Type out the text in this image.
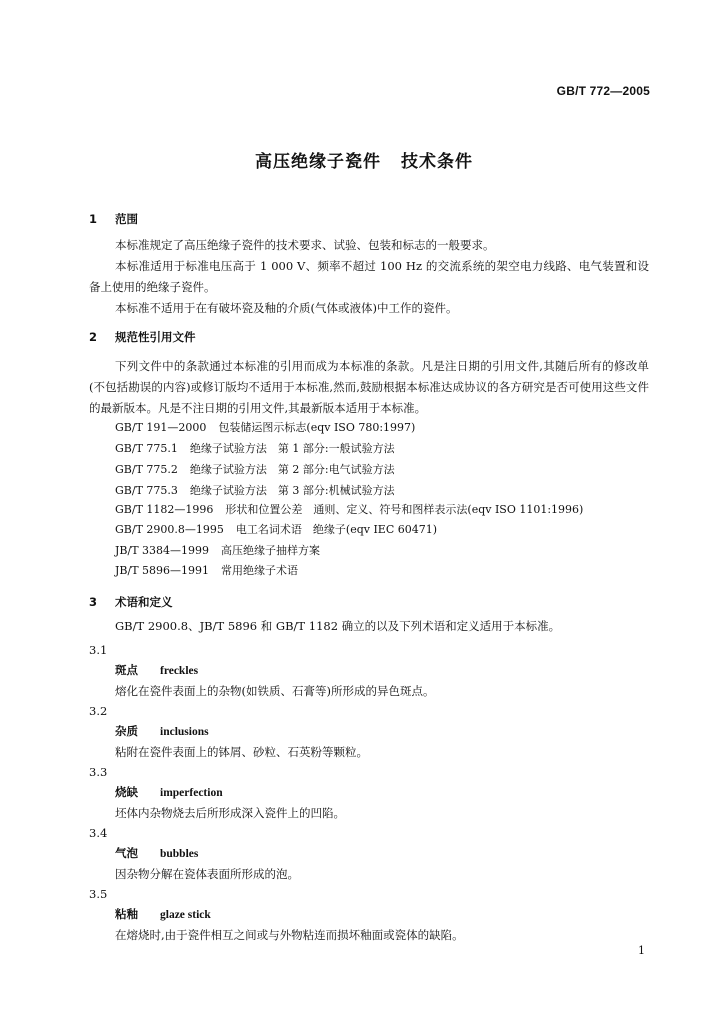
GB/T 772—2005
高压绝缘子瓷件 技术条件
1 范围
本标准规定了高压绝缘子瓷件的技术要求、试验、包装和标志的一般要求。
本标准适用于标准电压高于 1 000 V、频率不超过 100 Hz 的交流系统的架空电力线路、电气装置和设备上使用的绝缘子瓷件。
本标准不适用于在有破坏瓷及釉的介质(气体或液体)中工作的瓷件。
2 规范性引用文件
下列文件中的条款通过本标准的引用而成为本标准的条款。凡是注日期的引用文件,其随后所有的修改单(不包括勘误的内容)或修订版均不适用于本标准,然而,鼓励根据本标准达成协议的各方研究是否可使用这些文件的最新版本。凡是不注日期的引用文件,其最新版本适用于本标准。
GB/T 191—2000 包装储运图示标志(eqv ISO 780:1997)
GB/T 775.1 绝缘子试验方法　第 1 部分:一般试验方法
GB/T 775.2 绝缘子试验方法　第 2 部分:电气试验方法
GB/T 775.3 绝缘子试验方法　第 3 部分:机械试验方法
GB/T 1182—1996 形状和位置公差　通则、定义、符号和图样表示法(eqv ISO 1101:1996)
GB/T 2900.8—1995 电工名词术语　绝缘子(eqv IEC 60471)
JB/T 3384—1999 高压绝缘子抽样方案
JB/T 5896—1991 常用绝缘子术语
3 术语和定义
GB/T 2900.8、JB/T 5896 和 GB/T 1182 确立的以及下列术语和定义适用于本标准。
3.1
斑点 freckles
熔化在瓷件表面上的杂物(如铁质、石膏等)所形成的异色斑点。
3.2
杂质 inclusions
粘附在瓷件表面上的钵屑、砂粒、石英粉等颗粒。
3.3
烧缺 imperfection
坯体内杂物烧去后所形成深入瓷件上的凹陷。
3.4
气泡 bubbles
因杂物分解在瓷体表面所形成的泡。
3.5
粘釉 glaze stick
在熔烧时,由于瓷件相互之间或与外物粘连而损坏釉面或瓷体的缺陷。
1
